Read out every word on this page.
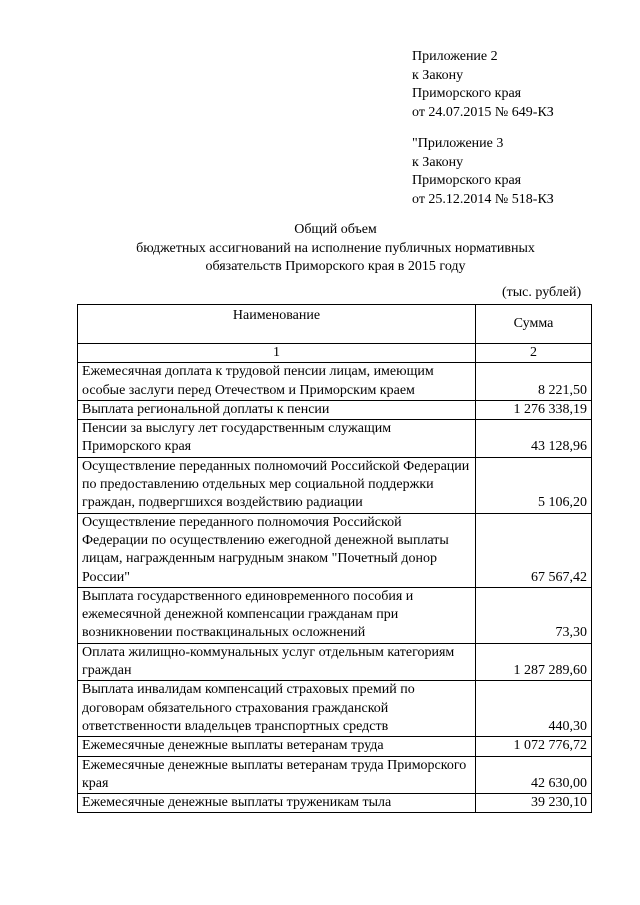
Приложение 2
к Закону
Приморского края
от 24.07.2015 № 649-КЗ
"Приложение 3
к Закону
Приморского края
от 25.12.2014 № 518-КЗ
Общий объем
бюджетных ассигнований на исполнение публичных нормативных
обязательств Приморского края в 2015 году
(тыс. рублей)
Наименование	Сумма
1	2
Ежемесячная доплата к трудовой пенсии лицам, имеющим особые заслуги перед Отечеством и Приморским краем	8 221,50
Выплата региональной доплаты к пенсии	1 276 338,19
Пенсии за выслугу лет государственным служащим Приморского края	43 128,96
Осуществление переданных полномочий Российской Федерации по предоставлению отдельных мер социальной поддержки граждан, подвергшихся воздействию радиации	5 106,20
Осуществление переданного полномочия Российской Федерации по осуществлению ежегодной денежной выплаты лицам, награжденным нагрудным знаком "Почетный донор России"	67 567,42
Выплата государственного единовременного пособия и ежемесячной денежной компенсации гражданам при возникновении поствакцинальных осложнений	73,30
Оплата жилищно-коммунальных услуг отдельным категориям граждан	1 287 289,60
Выплата инвалидам компенсаций страховых премий по договорам обязательного страхования гражданской ответственности владельцев транспортных средств	440,30
Ежемесячные денежные выплаты ветеранам труда	1 072 776,72
Ежемесячные денежные выплаты ветеранам труда Приморского края	42 630,00
Ежемесячные денежные выплаты труженикам тыла	39 230,10
